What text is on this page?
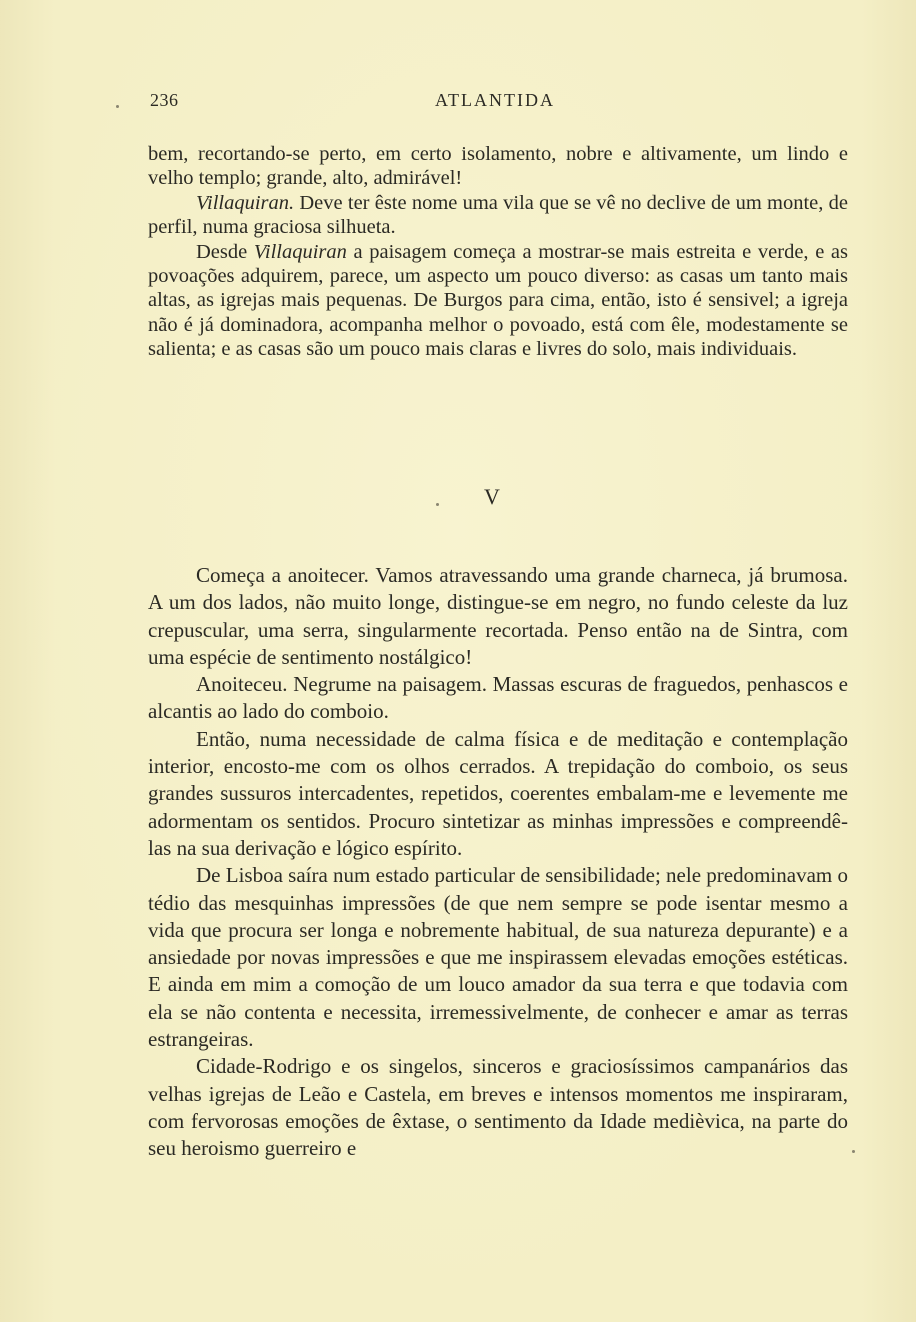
236	ATLANTIDA

bem, recortando-se perto, em certo isolamento, nobre e altivamente, um lindo e velho templo; grande, alto, admirável!

Villaquiran. Deve ter êste nome uma vila que se vê no declive de um monte, de perfil, numa graciosa silhueta.

Desde Villaquiran a paisagem começa a mostrar-se mais estreita e verde, e as povoações adquirem, parece, um aspecto um pouco diverso: as casas um tanto mais altas, as igrejas mais pequenas. De Burgos para cima, então, isto é sensivel; a igreja não é já dominadora, acompanha melhor o povoado, está com êle, modestamente se salienta; e as casas são um pouco mais claras e livres do solo, mais individuais.

V

Começa a anoitecer. Vamos atravessando uma grande charneca, já brumosa. A um dos lados, não muito longe, distingue-se em negro, no fundo celeste da luz crepuscular, uma serra, singularmente recortada. Penso então na de Sintra, com uma espécie de sentimento nostálgico!

Anoiteceu. Negrume na paisagem. Massas escuras de fraguedos, penhascos e alcantis ao lado do comboio.

Então, numa necessidade de calma física e de meditação e contemplação interior, encosto-me com os olhos cerrados. A trepidação do comboio, os seus grandes sussuros intercadentes, repetidos, coerentes embalam-me e levemente me adormentam os sentidos. Procuro sintetizar as minhas impressões e compreendê-las na sua derivação e lógico espírito.

De Lisboa saíra num estado particular de sensibilidade; nele predominavam o tédio das mesquinhas impressões (de que nem sempre se pode isentar mesmo a vida que procura ser longa e nobremente habitual, de sua natureza depurante) e a ansiedade por novas impressões e que me inspirassem elevadas emoções estéticas. E ainda em mim a comoção de um louco amador da sua terra e que todavia com ela se não contenta e necessita, irremessivelmente, de conhecer e amar as terras estrangeiras.

Cidade-Rodrigo e os singelos, sinceros e graciosíssimos campanários das velhas igrejas de Leão e Castela, em breves e intensos momentos me inspiraram, com fervorosas emoções de êxtase, o sentimento da Idade medièvica, na parte do seu heroismo guerreiro e
